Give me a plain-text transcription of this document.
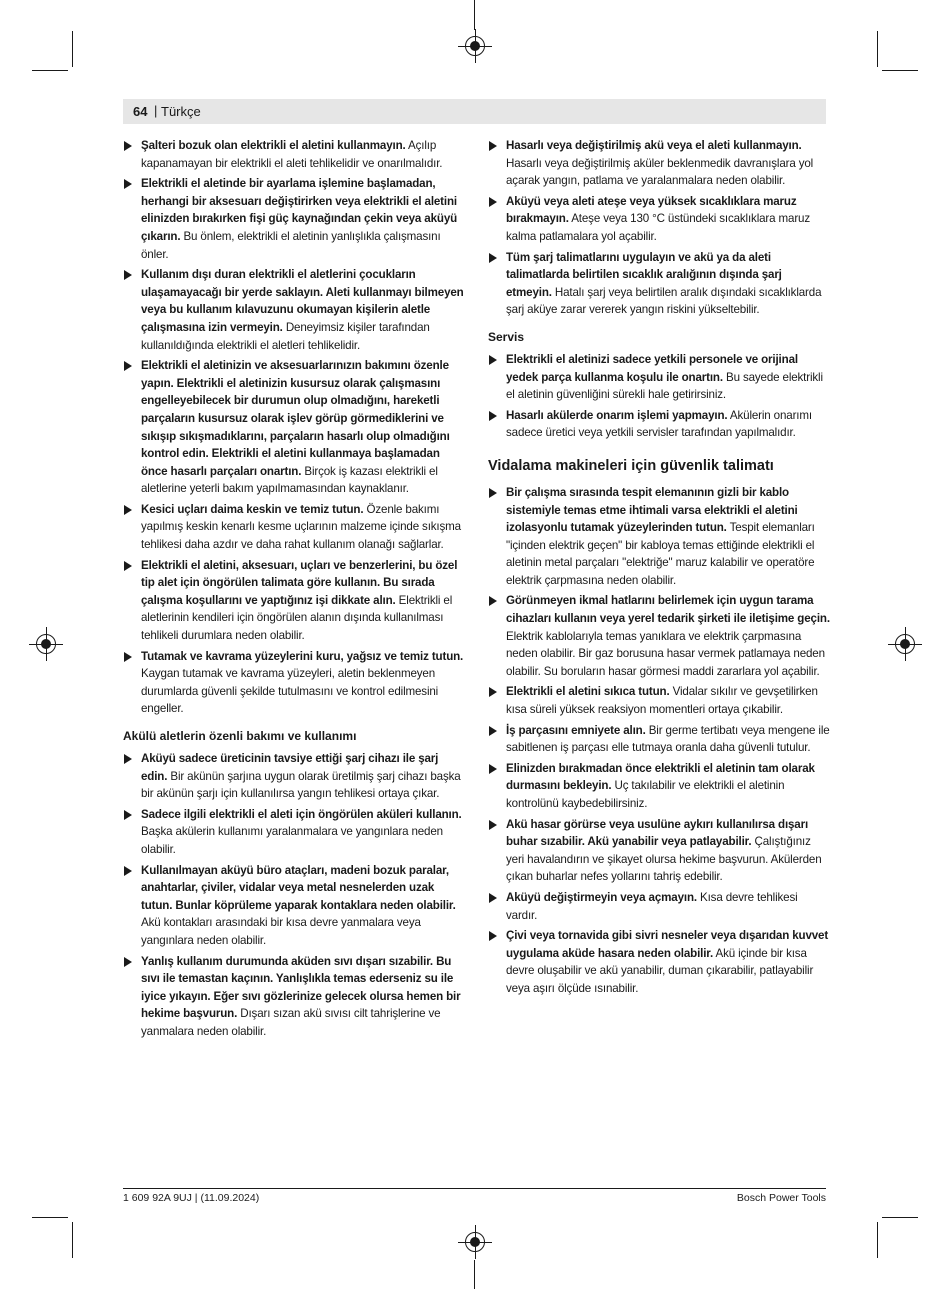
64 | Türkçe
Şalteri bozuk olan elektrikli el aletini kullanmayın. Açılıp kapanamayan bir elektrikli el aleti tehlikelidir ve onarılmalıdır.
Elektrikli el aletinde bir ayarlama işlemine başlamadan, herhangi bir aksesuarı değiştirirken veya elektrikli el aletini elinizden bırakırken fişi güç kaynağından çekin veya aküyü çıkarın. Bu önlem, elektrikli el aletinin yanlışlıkla çalışmasını önler.
Kullanım dışı duran elektrikli el aletlerini çocukların ulaşamayacağı bir yerde saklayın. Aleti kullanmayı bilmeyen veya bu kullanım kılavuzunu okumayan kişilerin aletle çalışmasına izin vermeyin. Deneyimsiz kişiler tarafından kullanıldığında elektrikli el aletleri tehlikelidir.
Elektrikli el aletinizin ve aksesuarlarınızın bakımını özenle yapın. Elektrikli el aletinizin kusursuz olarak çalışmasını engelleyebilecek bir durumun olup olmadığını, hareketli parçaların kusursuz olarak işlev görüp görmediklerini ve sıkışıp sıkışmadıklarını, parçaların hasarlı olup olmadığını kontrol edin. Elektrikli el aletini kullanmaya başlamadan önce hasarlı parçaları onartın. Birçok iş kazası elektrikli el aletlerine yeterli bakım yapılmamasından kaynaklanır.
Kesici uçları daima keskin ve temiz tutun. Özenle bakımı yapılmış keskin kenarlı kesme uçlarının malzeme içinde sıkışma tehlikesi daha azdır ve daha rahat kullanım olanağı sağlarlar.
Elektrikli el aletini, aksesuarı, uçları ve benzerlerini, bu özel tip alet için öngörülen talimata göre kullanın. Bu sırada çalışma koşullarını ve yaptığınız işi dikkate alın. Elektrikli el aletlerinin kendileri için öngörülen alanın dışında kullanılması tehlikeli durumlara neden olabilir.
Tutamak ve kavrama yüzeylerini kuru, yağsız ve temiz tutun. Kaygan tutamak ve kavrama yüzeyleri, aletin beklenmeyen durumlarda güvenli şekilde tutulmasını ve kontrol edilmesini engeller.
Akülü aletlerin özenli bakımı ve kullanımı
Aküyü sadece üreticinin tavsiye ettiği şarj cihazı ile şarj edin. Bir akünün şarjına uygun olarak üretilmiş şarj cihazı başka bir akünün şarjı için kullanılırsa yangın tehlikesi ortaya çıkar.
Sadece ilgili elektrikli el aleti için öngörülen aküleri kullanın. Başka akülerin kullanımı yaralanmalara ve yangınlara neden olabilir.
Kullanılmayan aküyü büro ataçları, madeni bozuk paralar, anahtarlar, çiviler, vidalar veya metal nesnelerden uzak tutun. Bunlar köprüleme yaparak kontaklara neden olabilir. Akü kontakları arasındaki bir kısa devre yanmalara veya yangınlara neden olabilir.
Yanlış kullanım durumunda aküden sıvı dışarı sızabilir. Bu sıvı ile temastan kaçının. Yanlışlıkla temas ederseniz su ile iyice yıkayın. Eğer sıvı gözlerinize gelecek olursa hemen bir hekime başvurun. Dışarı sızan akü sıvısı cilt tahrişlerine ve yanmalara neden olabilir.
Hasarlı veya değiştirilmiş akü veya el aleti kullanmayın. Hasarlı veya değiştirilmiş aküler beklenmedik davranışlara yol açarak yangın, patlama ve yaralanmalara neden olabilir.
Aküyü veya aleti ateşe veya yüksek sıcaklıklara maruz bırakmayın. Ateşe veya 130 °C üstündeki sıcaklıklara maruz kalma patlamalara yol açabilir.
Tüm şarj talimatlarını uygulayın ve akü ya da aleti talimatlarda belirtilen sıcaklık aralığının dışında şarj etmeyin. Hatalı şarj veya belirtilen aralık dışındaki sıcaklıklarda şarj aküye zarar vererek yangın riskini yükseltebilir.
Servis
Elektrikli el aletinizi sadece yetkili personele ve orijinal yedek parça kullanma koşulu ile onartın. Bu sayede elektrikli el aletinin güvenliğini sürekli hale getirirsiniz.
Hasarlı akülerde onarım işlemi yapmayın. Akülerin onarımı sadece üretici veya yetkili servisler tarafından yapılmalıdır.
Vidalama makineleri için güvenlik talimatı
Bir çalışma sırasında tespit elemanının gizli bir kablo sistemiyle temas etme ihtimali varsa elektrikli el aletini izolasyonlu tutamak yüzeylerinden tutun. Tespit elemanları "içinden elektrik geçen" bir kabloya temas ettiğinde elektrikli el aletinin metal parçaları "elektriğe" maruz kalabilir ve operatöre elektrik çarpmasına neden olabilir.
Görünmeyen ikmal hatlarını belirlemek için uygun tarama cihazları kullanın veya yerel tedarik şirketi ile iletişime geçin. Elektrik kablolarıyla temas yanıklara ve elektrik çarpmasına neden olabilir. Bir gaz borusuna hasar vermek patlamaya neden olabilir. Su boruların hasar görmesi maddi zararlara yol açabilir.
Elektrikli el aletini sıkıca tutun. Vidalar sıkılır ve gevşetilirken kısa süreli yüksek reaksiyon momentleri ortaya çıkabilir.
İş parçasını emniyete alın. Bir germe tertibatı veya mengene ile sabitlenen iş parçası elle tutmaya oranla daha güvenli tutulur.
Elinizden bırakmadan önce elektrikli el aletinin tam olarak durmasını bekleyin. Uç takılabilir ve elektrikli el aletinin kontrolünü kaybedebilirsiniz.
Akü hasar görürse veya usulüne aykırı kullanılırsa dışarı buhar sızabilir. Akü yanabilir veya patlayabilir. Çalıştığınız yeri havalandırın ve şikayet olursa hekime başvurun. Akülerden çıkan buharlar nefes yollarını tahriş edebilir.
Aküyü değiştirmeyin veya açmayın. Kısa devre tehlikesi vardır.
Çivi veya tornavida gibi sivri nesneler veya dışarıdan kuvvet uygulama aküde hasara neden olabilir. Akü içinde bir kısa devre oluşabilir ve akü yanabilir, duman çıkarabilir, patlayabilir veya aşırı ölçüde ısınabilir.
1 609 92A 9UJ | (11.09.2024)	Bosch Power Tools
